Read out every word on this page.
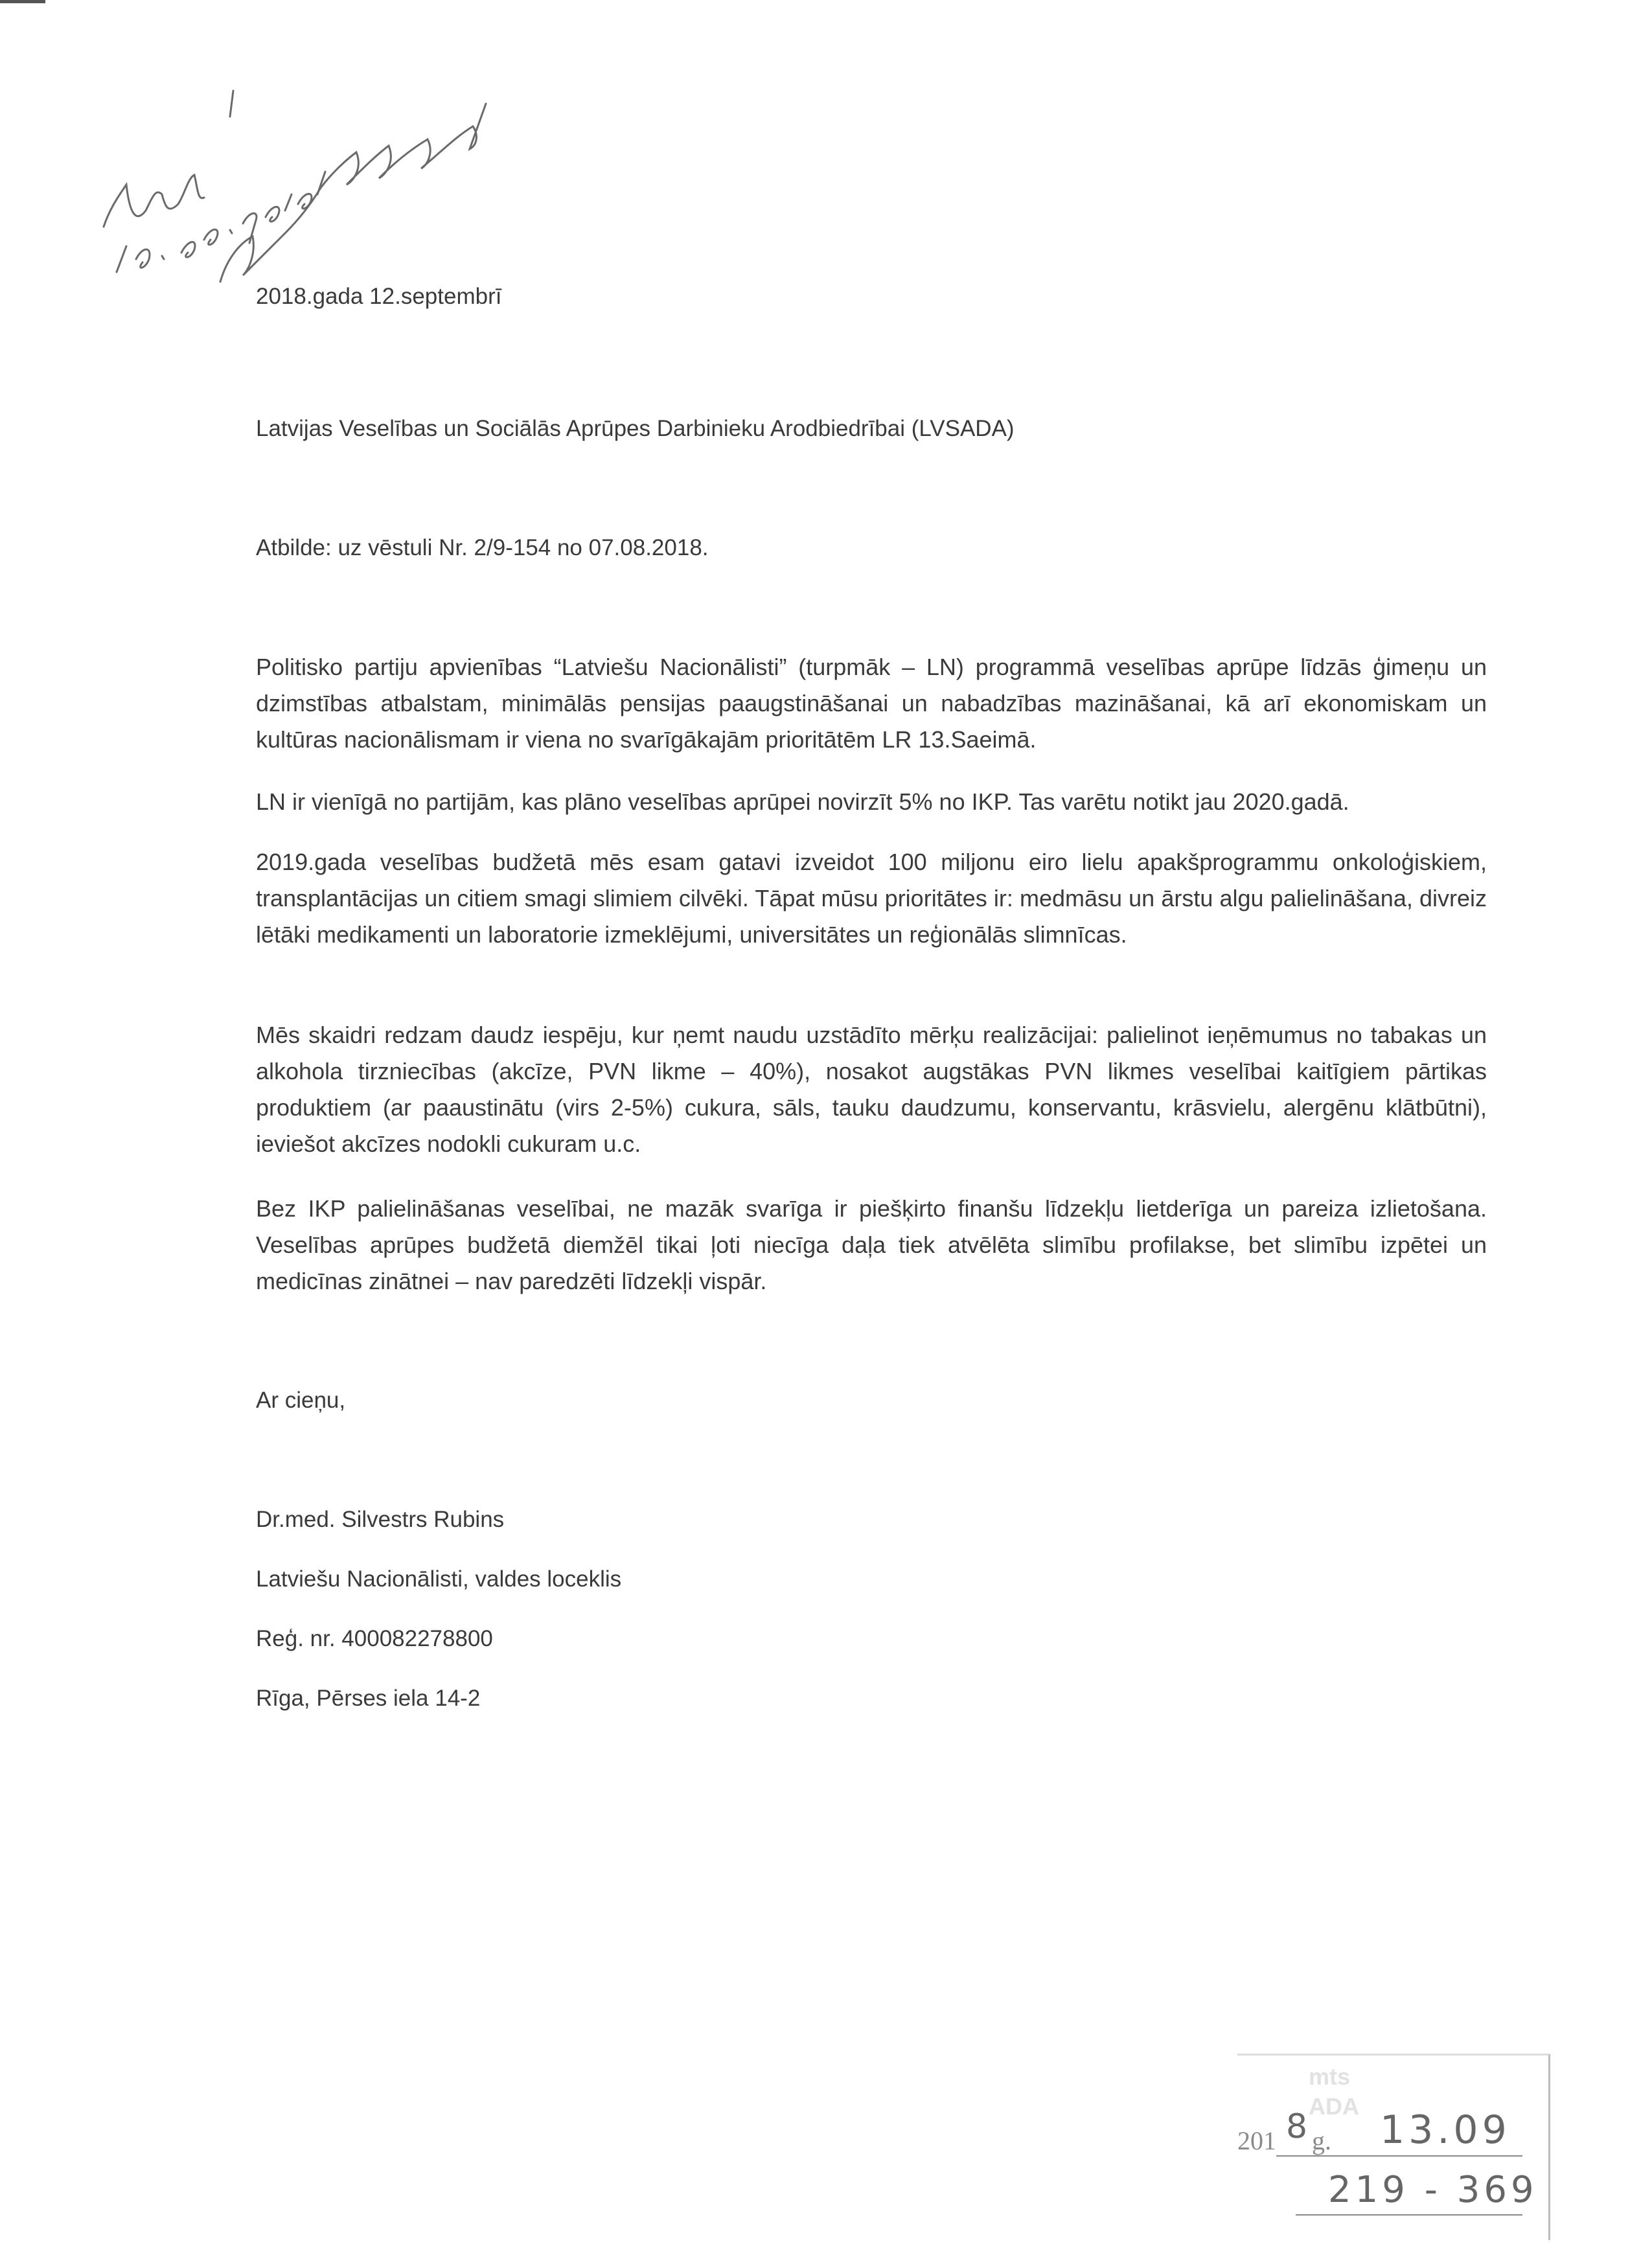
2018.gada 12.septembrī
Latvijas Veselības un Sociālās Aprūpes Darbinieku Arodbiedrībai (LVSADA)
Atbilde: uz vēstuli Nr. 2/9-154 no 07.08.2018.
Politisko partiju apvienības “Latviešu Nacionālisti” (turpmāk – LN) programmā veselības aprūpe līdzās ģimeņu un dzimstības atbalstam, minimālās pensijas paaugstināšanai un nabadzības mazināšanai, kā arī ekonomiskam un kultūras nacionālismam ir viena no svarīgākajām prioritātēm LR 13.Saeimā.
LN ir vienīgā no partijām, kas plāno veselības aprūpei novirzīt 5% no IKP. Tas varētu notikt jau 2020.gadā.
2019.gada veselības budžetā mēs esam gatavi izveidot 100 miljonu eiro lielu apakšprogrammu onkoloģiskiem, transplantācijas un citiem smagi slimiem cilvēki. Tāpat mūsu prioritātes ir: medmāsu un ārstu algu palielināšana, divreiz lētāki medikamenti un laboratorie izmeklējumi, universitātes un reģionālās slimnīcas.
Mēs skaidri redzam daudz iespēju, kur ņemt naudu uzstādīto mērķu realizācijai: palielinot ieņēmumus no tabakas un alkohola tirzniecības (akcīze, PVN likme – 40%), nosakot augstākas PVN likmes veselībai kaitīgiem pārtikas produktiem (ar paaustinātu (virs 2-5%) cukura, sāls, tauku daudzumu, konservantu, krāsvielu, alergēnu klātbūtni), ieviešot akcīzes nodokli cukuram u.c.
Bez IKP palielināšanas veselībai, ne mazāk svarīga ir piešķirto finanšu līdzekļu lietderīga un pareiza izlietošana. Veselības aprūpes budžetā diemžēl tikai ļoti niecīga daļa tiek atvēlēta slimību profilakse, bet slimību izpētei un medicīnas zinātnei – nav paredzēti līdzekļi vispār.
Ar cieņu,
Dr.med. Silvestrs Rubins
Latviešu Nacionālisti, valdes loceklis
Reģ. nr. 400082278800
Rīga, Pērses iela 14-2
mts
ADA
201 8 g. 13.09
219 - 369
